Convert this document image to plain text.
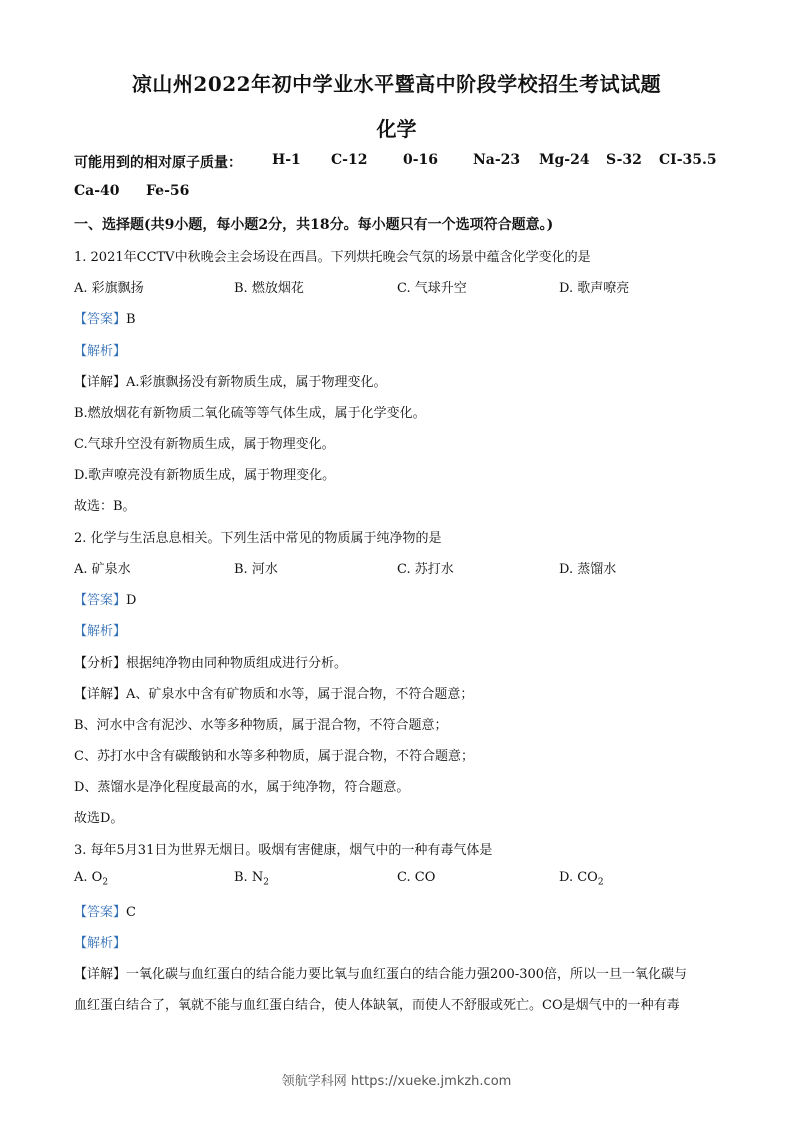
凉山州2022年初中学业水平暨高中阶段学校招生考试试题
化学
可能用到的相对原子质量： H-1 C-12	0-16 Na-23 Mg-24 S-32 CI-35.5
Ca-40 Fe-56
一、选择题(共9小题，每小题2分，共18分。每小题只有一个选项符合题意。)
1. 2021年CCTV中秋晚会主会场设在西昌。下列烘托晚会气氛的场景中蕴含化学变化的是
A. 彩旗飘扬	B. 燃放烟花	C. 气球升空	D. 歌声嘹亮
【答案】B
【解析】
【详解】A.彩旗飘扬没有新物质生成，属于物理变化。
B.燃放烟花有新物质二氧化硫等等气体生成，属于化学变化。
C.气球升空没有新物质生成，属于物理变化。
D.歌声嘹亮没有新物质生成，属于物理变化。
故选：B。
2. 化学与生活息息相关。下列生活中常见的物质属于纯净物的是
A. 矿泉水	B. 河水	C. 苏打水	D. 蒸馏水
【答案】D
【解析】
【分析】根据纯净物由同种物质组成进行分析。
【详解】A、矿泉水中含有矿物质和水等，属于混合物，不符合题意；
B、河水中含有泥沙、水等多种物质，属于混合物，不符合题意；
C、苏打水中含有碳酸钠和水等多种物质，属于混合物，不符合题意；
D、蒸馏水是净化程度最高的水，属于纯净物，符合题意。
故选D。
3. 每年5月31日为世界无烟日。吸烟有害健康，烟气中的一种有毒气体是
A. $O_2$	B. $N_2$	C. CO	D. $CO_2$
【答案】C
【解析】
【详解】一氧化碳与血红蛋白的结合能力要比氧与血红蛋白的结合能力强200-300倍，所以一旦一氧化碳与
血红蛋白结合了，氧就不能与血红蛋白结合，使人体缺氧，而使人不舒服或死亡。CO是烟气中的一种有毒
领航学科网 https://xueke.jmkzh.com
